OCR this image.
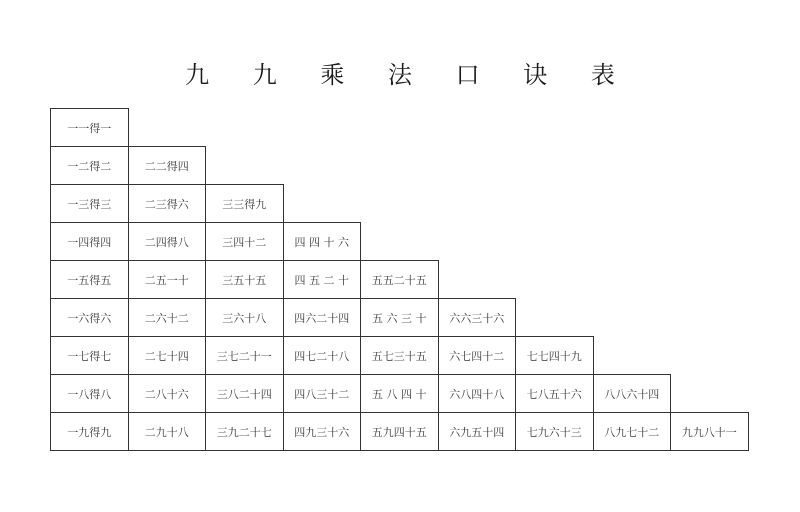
九 九 乘 法 口 诀 表
一一得一
一二得二	二二得四
一三得三	二三得六	三三得九
一四得四	二四得八	三四十二	四 四 十 六
一五得五	二五一十	三五十五	四 五 二 十	五五二十五
一六得六	二六十二	三六十八	四六二十四	五 六 三 十	六六三十六
一七得七	二七十四	三七二十一	四七二十八	五七三十五	六七四十二	七七四十九
一八得八	二八十六	三八二十四	四八三十二	五 八 四 十	六八四十八	七八五十六	八八六十四
一九得九	二九十八	三九二十七	四九三十六	五九四十五	六九五十四	七九六十三	八九七十二	九九八十一
